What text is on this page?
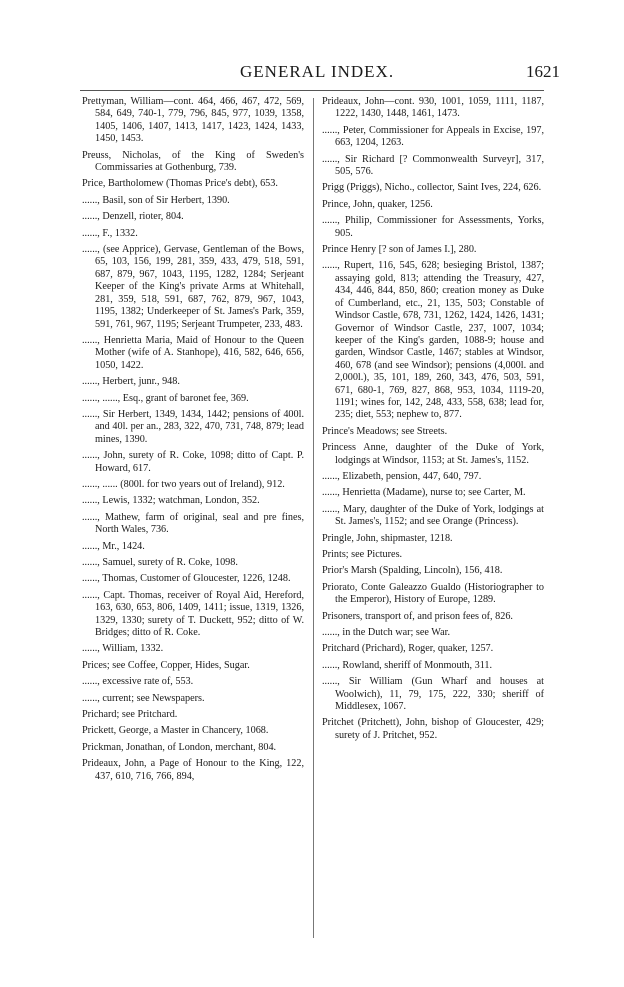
GENERAL INDEX.	1621

Prettyman, William—cont. 464, 466, 467, 472, 569, 584, 649, 740-1, 779, 796, 845, 977, 1039, 1358, 1405, 1406, 1407, 1413, 1417, 1423, 1424, 1433, 1450, 1453.

Preuss, Nicholas, of the King of Sweden's Commissaries at Gothenburg, 739.

Price, Bartholomew (Thomas Price's debt), 653.

......, Basil, son of Sir Herbert, 1390.

......, Denzell, rioter, 804.

......, F., 1332.

......, (see Apprice), Gervase, Gentleman of the Bows, 65, 103, 156, 199, 281, 359, 433, 479, 518, 591, 687, 879, 967, 1043, 1195, 1282, 1284; Serjeant Keeper of the King's private Arms at Whitehall, 281, 359, 518, 591, 687, 762, 879, 967, 1043, 1195, 1382; Underkeeper of St. James's Park, 359, 591, 761, 967, 1195; Serjeant Trumpeter, 233, 483.

......, Henrietta Maria, Maid of Honour to the Queen Mother (wife of A. Stanhope), 416, 582, 646, 656, 1050, 1422.

......, Herbert, junr., 948.

......, ......, Esq., grant of baronet fee, 369.

......, Sir Herbert, 1349, 1434, 1442; pensions of 400l. and 40l. per an., 283, 322, 470, 731, 748, 879; lead mines, 1390.

......, John, surety of R. Coke, 1098; ditto of Capt. P. Howard, 617.

......, ...... (800l. for two years out of Ireland), 912.

......, Lewis, 1332; watchman, London, 352.

......, Mathew, farm of original, seal and pre fines, North Wales, 736.

......, Mr., 1424.

......, Samuel, surety of R. Coke, 1098.

......, Thomas, Customer of Gloucester, 1226, 1248.

......, Capt. Thomas, receiver of Royal Aid, Hereford, 163, 630, 653, 806, 1409, 1411; issue, 1319, 1326, 1329, 1330; surety of T. Duckett, 952; ditto of W. Bridges; ditto of R. Coke.

......, William, 1332.

Prices; see Coffee, Copper, Hides, Sugar.

......, excessive rate of, 553.

......, current; see Newspapers.

Prichard; see Pritchard.

Prickett, George, a Master in Chancery, 1068.

Prickman, Jonathan, of London, merchant, 804.

Prideaux, John, a Page of Honour to the King, 122, 437, 610, 716, 766, 894,

Prideaux, John—cont. 930, 1001, 1059, 1111, 1187, 1222, 1430, 1448, 1461, 1473.

......, Peter, Commissioner for Appeals in Excise, 197, 663, 1204, 1263.

......, Sir Richard [? Commonwealth Surveyr], 317, 505, 576.

Prigg (Priggs), Nicho., collector, Saint Ives, 224, 626.

Prince, John, quaker, 1256.

......, Philip, Commissioner for Assessments, Yorks, 905.

Prince Henry [? son of James I.], 280.

......, Rupert, 116, 545, 628; besieging Bristol, 1387; assaying gold, 813; attending the Treasury, 427, 434, 446, 844, 850, 860; creation money as Duke of Cumberland, etc., 21, 135, 503; Constable of Windsor Castle, 678, 731, 1262, 1424, 1426, 1431; Governor of Windsor Castle, 237, 1007, 1034; keeper of the King's garden, 1088-9; house and garden, Windsor Castle, 1467; stables at Windsor, 460, 678 (and see Windsor); pensions (4,000l. and 2,000l.), 35, 101, 189, 260, 343, 476, 503, 591, 671, 680-1, 769, 827, 868, 953, 1034, 1119-20, 1191; wines for, 142, 248, 433, 558, 638; lead for, 235; diet, 553; nephew to, 877.

Prince's Meadows; see Streets.

Princess Anne, daughter of the Duke of York, lodgings at Windsor, 1153; at St. James's, 1152.

......, Elizabeth, pension, 447, 640, 797.

......, Henrietta (Madame), nurse to; see Carter, M.

......, Mary, daughter of the Duke of York, lodgings at St. James's, 1152; and see Orange (Princess).

Pringle, John, shipmaster, 1218.

Prints; see Pictures.

Prior's Marsh (Spalding, Lincoln), 156, 418.

Priorato, Conte Galeazzo Gualdo (Historiographer to the Emperor), History of Europe, 1289.

Prisoners, transport of, and prison fees of, 826.

......, in the Dutch war; see War.

Pritchard (Prichard), Roger, quaker, 1257.

......, Rowland, sheriff of Monmouth, 311.

......, Sir William (Gun Wharf and houses at Woolwich), 11, 79, 175, 222, 330; sheriff of Middlesex, 1067.

Pritchet (Pritchett), John, bishop of Gloucester, 429; surety of J. Pritchet, 952.
